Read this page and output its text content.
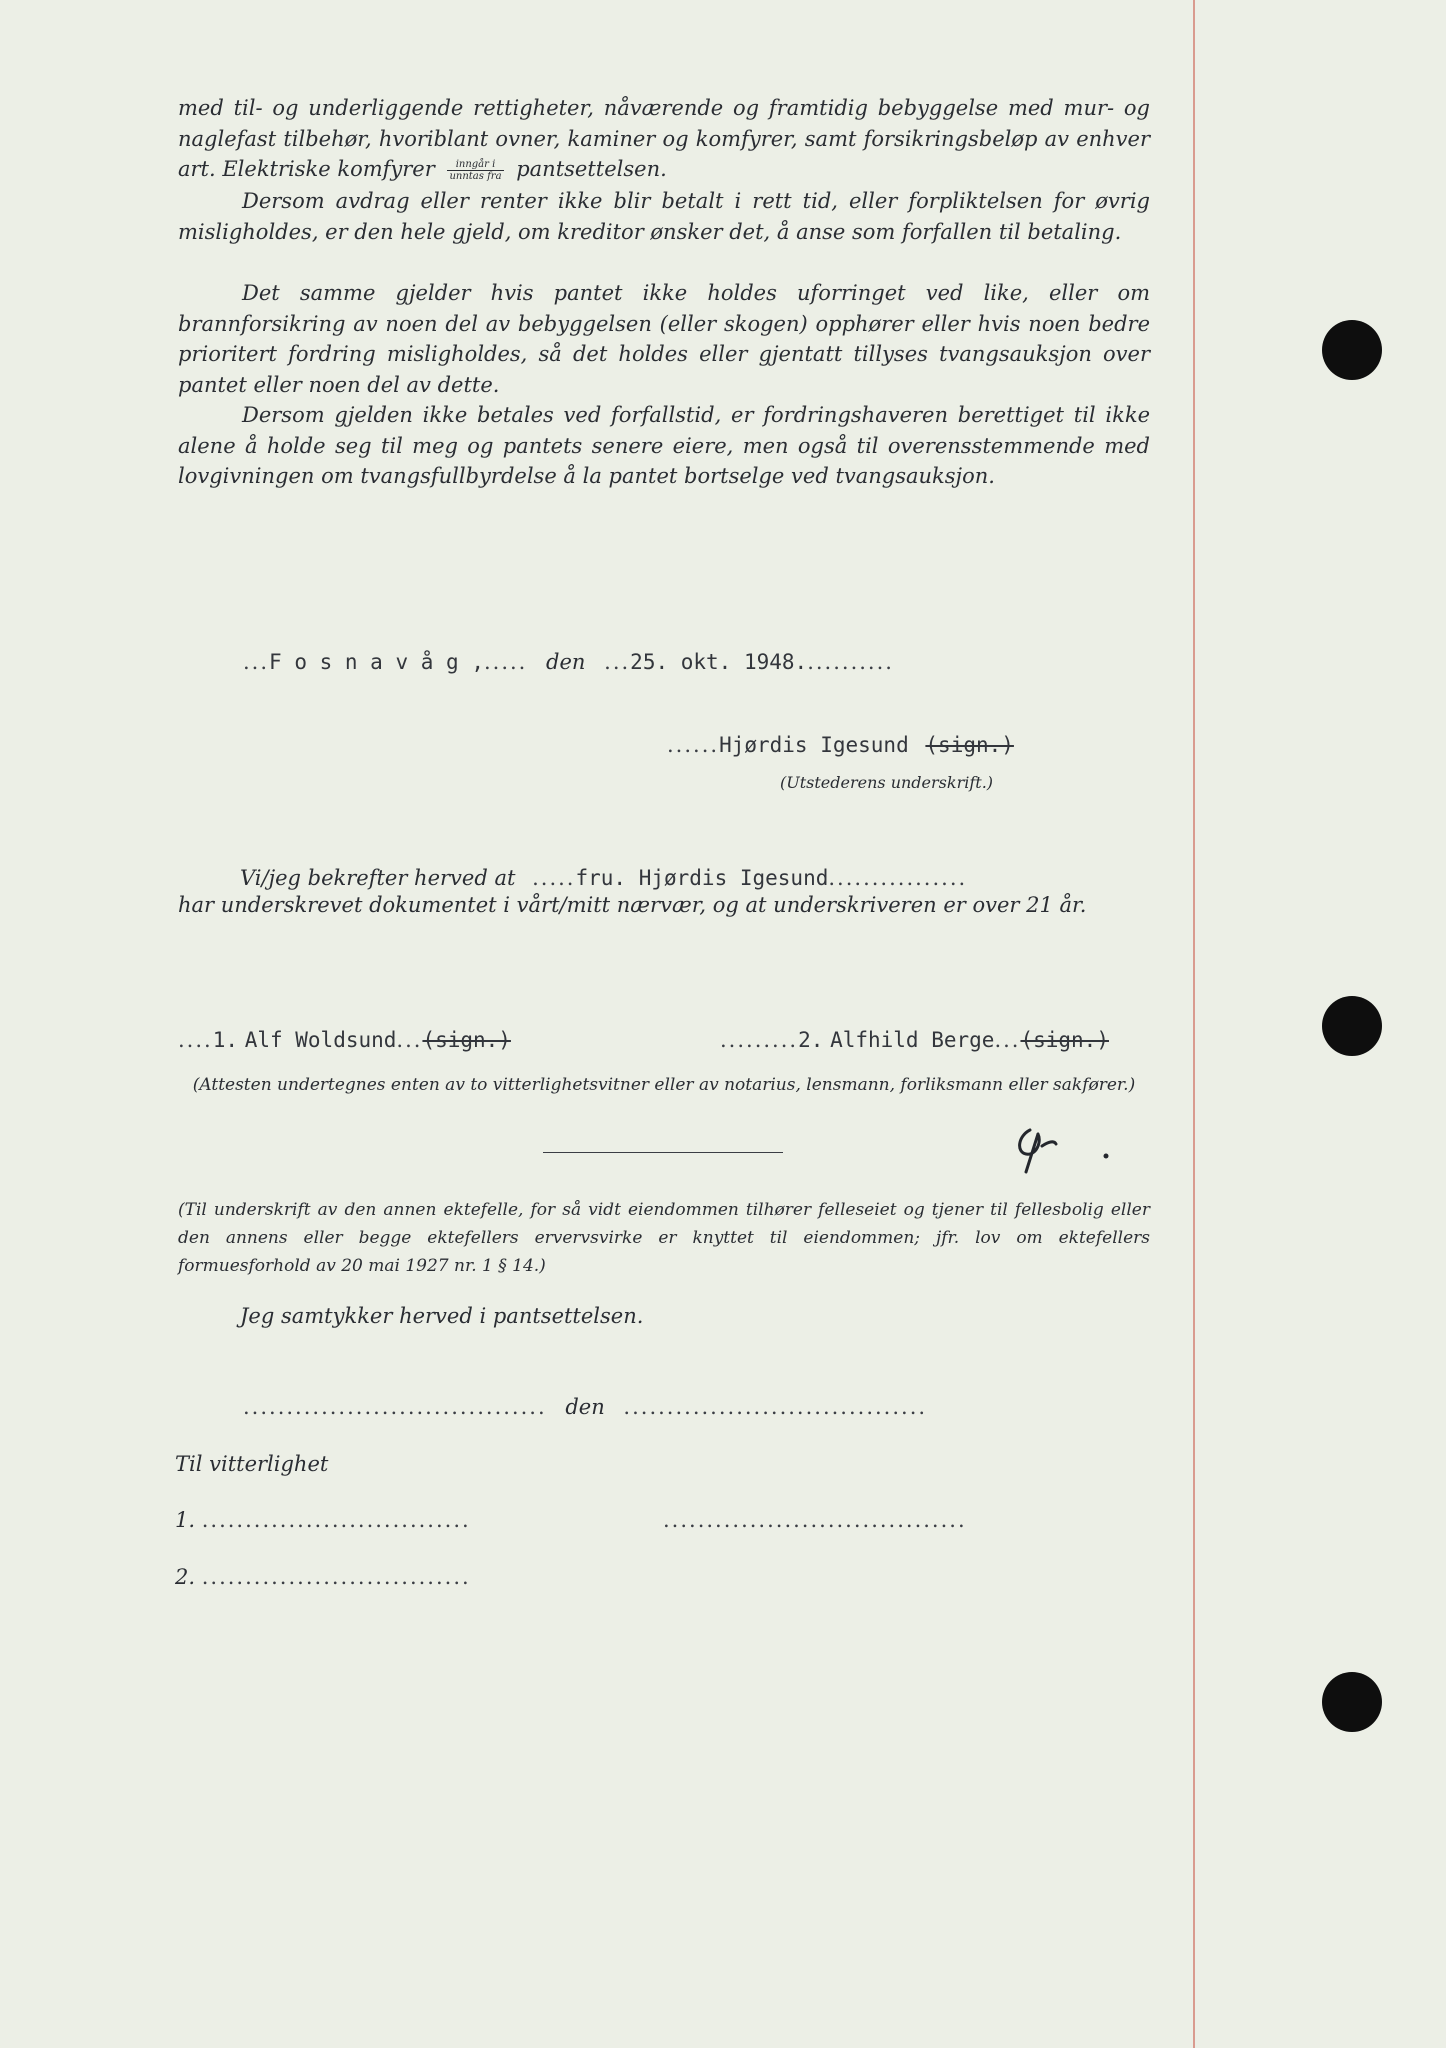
med til- og underliggende rettigheter, nåværende og framtidig bebyggelse med mur- og naglefast tilbehør, hvoriblant ovner, kaminer og komfyrer, samt forsikringsbeløp av enhver art. Elektriske komfyrer $\frac{\text{inngår i}}{\text{unntas fra}}$ pantsettelsen.

Dersom avdrag eller renter ikke blir betalt i rett tid, eller forpliktelsen for øvrig misligholdes, er den hele gjeld, om kreditor ønsker det, å anse som forfallen til betaling.

Det samme gjelder hvis pantet ikke holdes uforringet ved like, eller om brannforsikring av noen del av bebyggelsen (eller skogen) opphører eller hvis noen bedre prioritert fordring misligholdes, så det holdes eller gjentatt tillyses tvangsauksjon over pantet eller noen del av dette.

Dersom gjelden ikke betales ved forfallstid, er fordringshaveren berettiget til ikke alene å holde seg til meg og pantets senere eiere, men også til overensstemmende med lovgivningen om tvangsfullbyrdelse å la pantet bortselge ved tvangsauksjon.

...F o s n a v å g ,..... den ...25. okt. 1948...........
......Hjørdis Igesund (sign.)
(Utstederens underskrift.)
Vi/jeg bekrefter herved at .....fru. Hjørdis Igesund................

har underskrevet dokumentet i vårt/mitt nærvær, og at underskriveren er over 21 år.

....1. Alf Woldsund...(sign.)	.........2. Alfhild Berge...(sign.)

(Attesten undertegnes enten av to vitterlighetsvitner eller av notarius, lensmann, forliksmann eller sakfører.)

(Til underskrift av den annen ektefelle, for så vidt eiendommen tilhører felleseiet og tjener til fellesbolig eller den annens eller begge ektefellers ervervsvirke er knyttet til eiendommen; jfr. lov om ektefellers formuesforhold av 20 mai 1927 nr. 1 § 14.)

Jeg samtykker herved i pantsettelsen.
................................... den ...................................
Til vitterlighet
1. ...............................	...................................
2. ...............................
